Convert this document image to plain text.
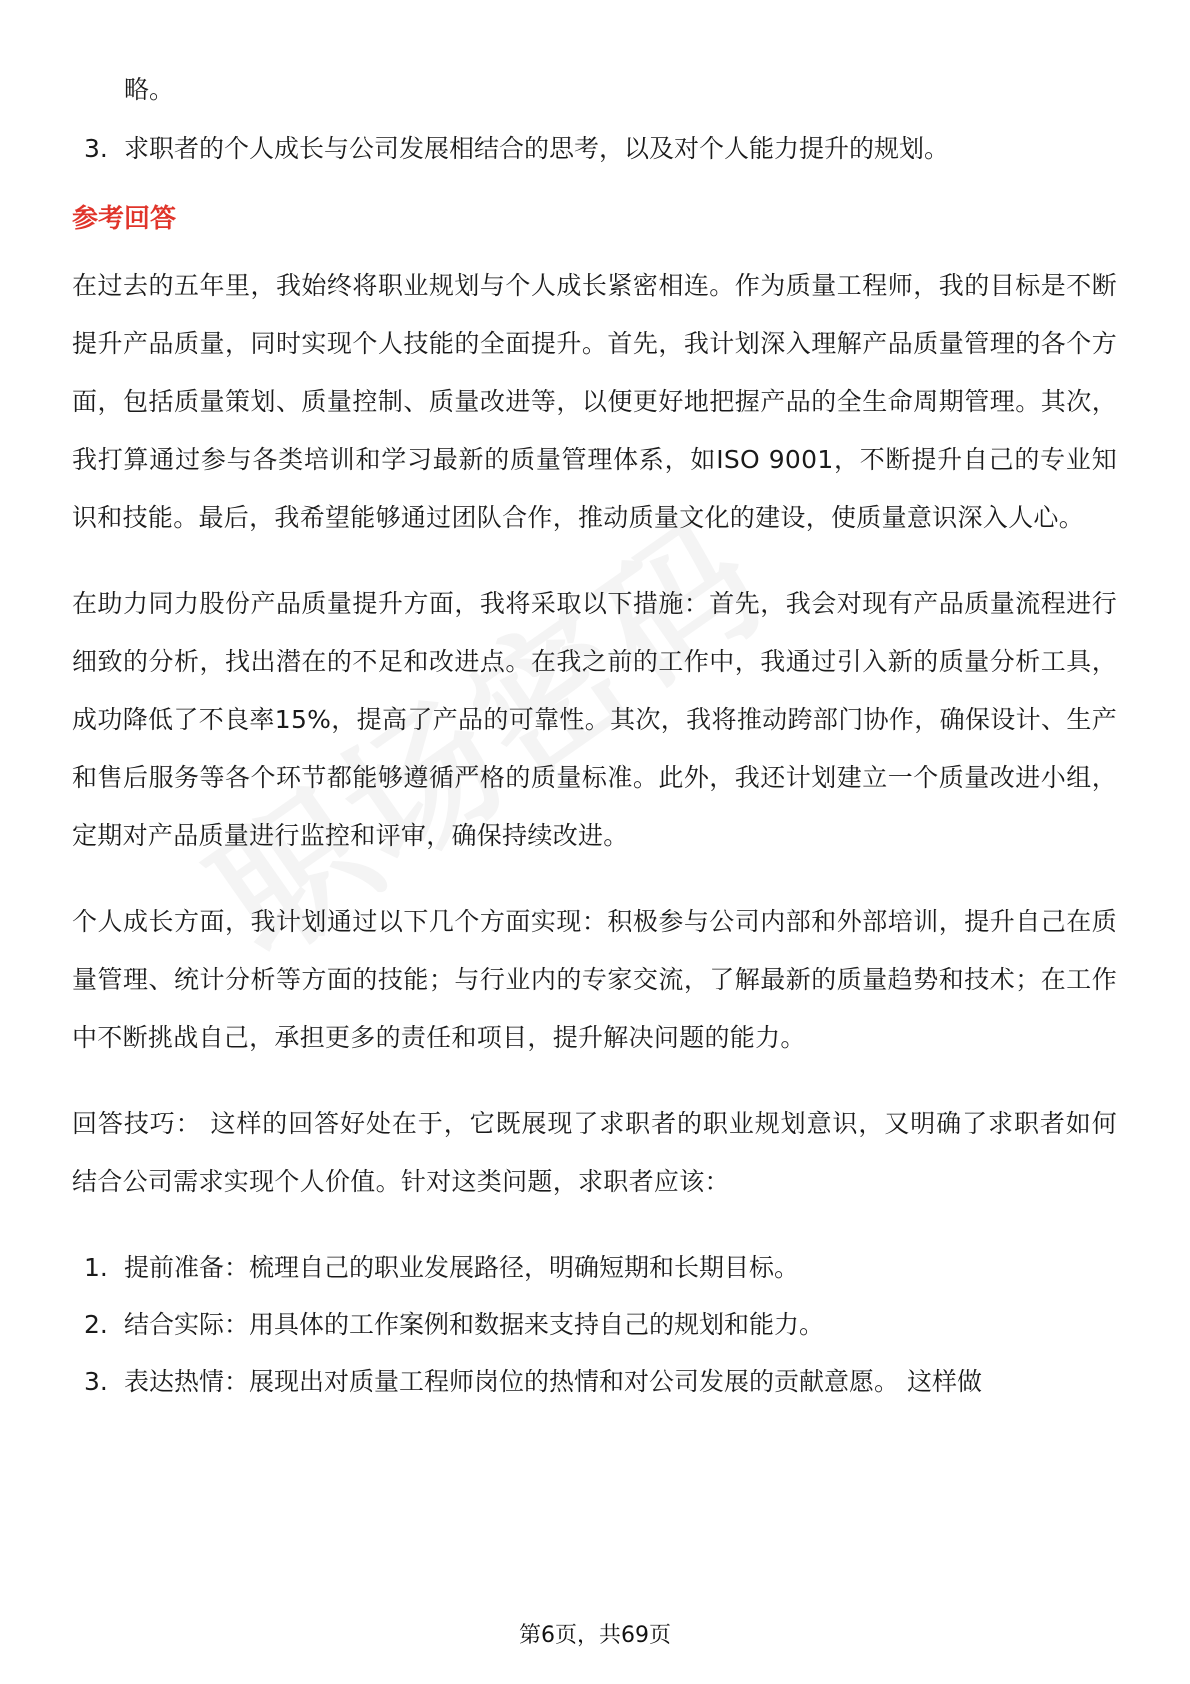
略。

3. 求职者的个人成长与公司发展相结合的思考，以及对个人能力提升的规划。
参考回答

在过去的五年里，我始终将职业规划与个人成长紧密相连。作为质量工程师，我的目标是不断提升产品质量，同时实现个人技能的全面提升。首先，我计划深入理解产品质量管理的各个方面，包括质量策划、质量控制、质量改进等，以便更好地把握产品的全生命周期管理。其次，我打算通过参与各类培训和学习最新的质量管理体系，如ISO 9001，不断提升自己的专业知识和技能。最后，我希望能够通过团队合作，推动质量文化的建设，使质量意识深入人心。

在助力同力股份产品质量提升方面，我将采取以下措施：首先，我会对现有产品质量流程进行细致的分析，找出潜在的不足和改进点。在我之前的工作中，我通过引入新的质量分析工具，成功降低了不良率15%，提高了产品的可靠性。其次，我将推动跨部门协作，确保设计、生产和售后服务等各个环节都能够遵循严格的质量标准。此外，我还计划建立一个质量改进小组，定期对产品质量进行监控和评审，确保持续改进。

个人成长方面，我计划通过以下几个方面实现：积极参与公司内部和外部培训，提升自己在质量管理、统计分析等方面的技能；与行业内的专家交流，了解最新的质量趋势和技术；在工作中不断挑战自己，承担更多的责任和项目，提升解决问题的能力。

回答技巧： 这样的回答好处在于，它既展现了求职者的职业规划意识，又明确了求职者如何结合公司需求实现个人价值。针对这类问题，求职者应该：

1. 提前准备：梳理自己的职业发展路径，明确短期和长期目标。
2. 结合实际：用具体的工作案例和数据来支持自己的规划和能力。
3. 表达热情：展现出对质量工程师岗位的热情和对公司发展的贡献意愿。 这样做
第6页，共69页
